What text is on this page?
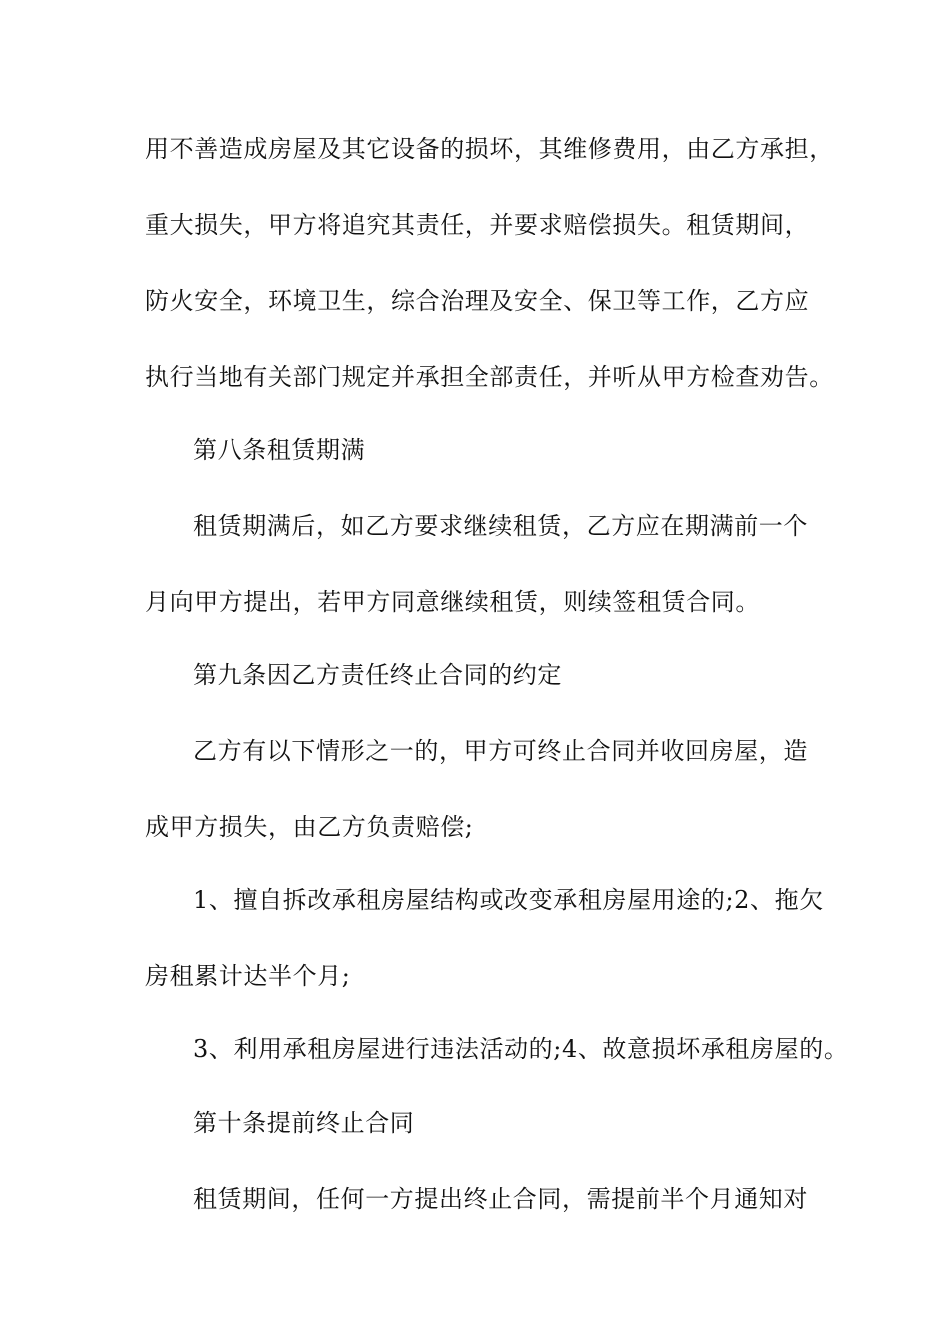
用不善造成房屋及其它设备的损坏，其维修费用，由乙方承担，
重大损失，甲方将追究其责任，并要求赔偿损失。租赁期间，
防火安全，环境卫生，综合治理及安全、保卫等工作，乙方应
执行当地有关部门规定并承担全部责任，并听从甲方检查劝告。
第八条租赁期满
租赁期满后，如乙方要求继续租赁，乙方应在期满前一个
月向甲方提出，若甲方同意继续租赁，则续签租赁合同。
第九条因乙方责任终止合同的约定
乙方有以下情形之一的，甲方可终止合同并收回房屋，造
成甲方损失，由乙方负责赔偿;
1、擅自拆改承租房屋结构或改变承租房屋用途的;2、拖欠
房租累计达半个月;
3、利用承租房屋进行违法活动的;4、故意损坏承租房屋的。
第十条提前终止合同
租赁期间，任何一方提出终止合同，需提前半个月通知对
